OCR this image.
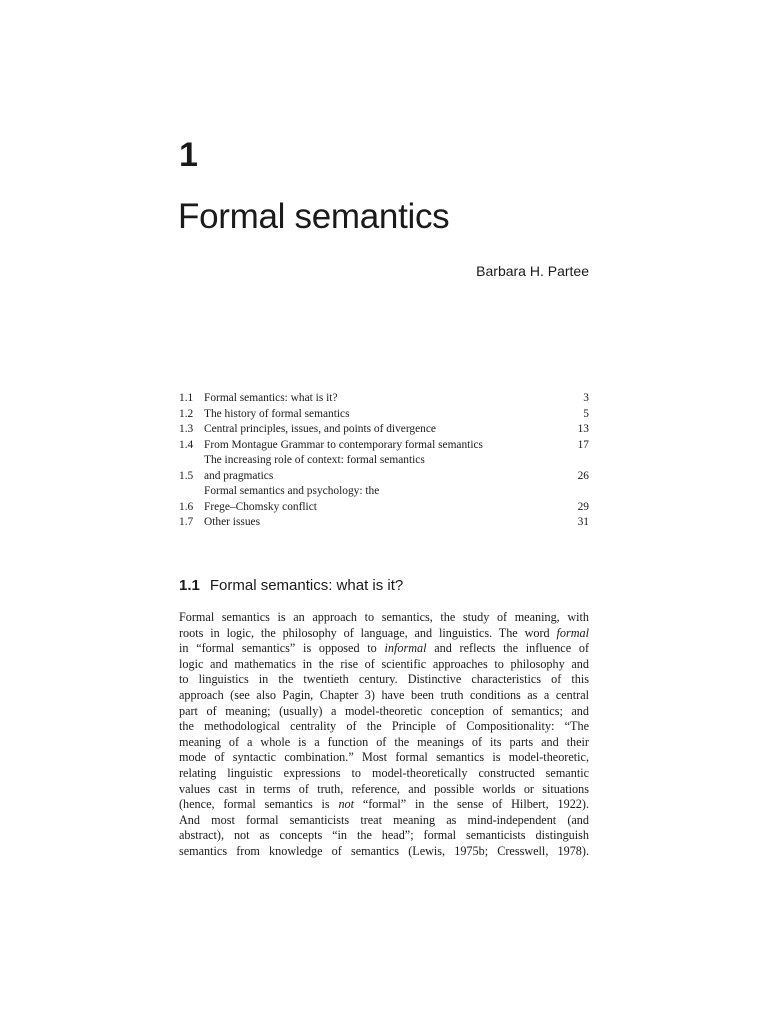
1
Formal semantics
Barbara H. Partee
1.1 Formal semantics: what is it?	3
1.2 The history of formal semantics	5
1.3 Central principles, issues, and points of divergence	13
1.4 From Montague Grammar to contemporary formal semantics	17
1.5
The increasing role of context: formal semantics
and pragmatics	26
1.6
Formal semantics and psychology: the
Frege–Chomsky conflict	29
1.7 Other issues	31
1.1 Formal semantics: what is it?
Formal semantics is an approach to semantics, the study of meaning, with
roots in logic, the philosophy of language, and linguistics. The word formal
in “formal semantics” is opposed to informal and reflects the influence of
logic and mathematics in the rise of scientific approaches to philosophy and
to linguistics in the twentieth century. Distinctive characteristics of this
approach (see also Pagin, Chapter 3) have been truth conditions as a central
part of meaning; (usually) a model-theoretic conception of semantics; and
the methodological centrality of the Principle of Compositionality: “The
meaning of a whole is a function of the meanings of its parts and their
mode of syntactic combination.” Most formal semantics is model-theoretic,
relating linguistic expressions to model-theoretically constructed semantic
values cast in terms of truth, reference, and possible worlds or situations
(hence, formal semantics is not “formal” in the sense of Hilbert, 1922).
And most formal semanticists treat meaning as mind-independent (and
abstract), not as concepts “in the head”; formal semanticists distinguish
semantics from knowledge of semantics (Lewis, 1975b; Cresswell, 1978).
